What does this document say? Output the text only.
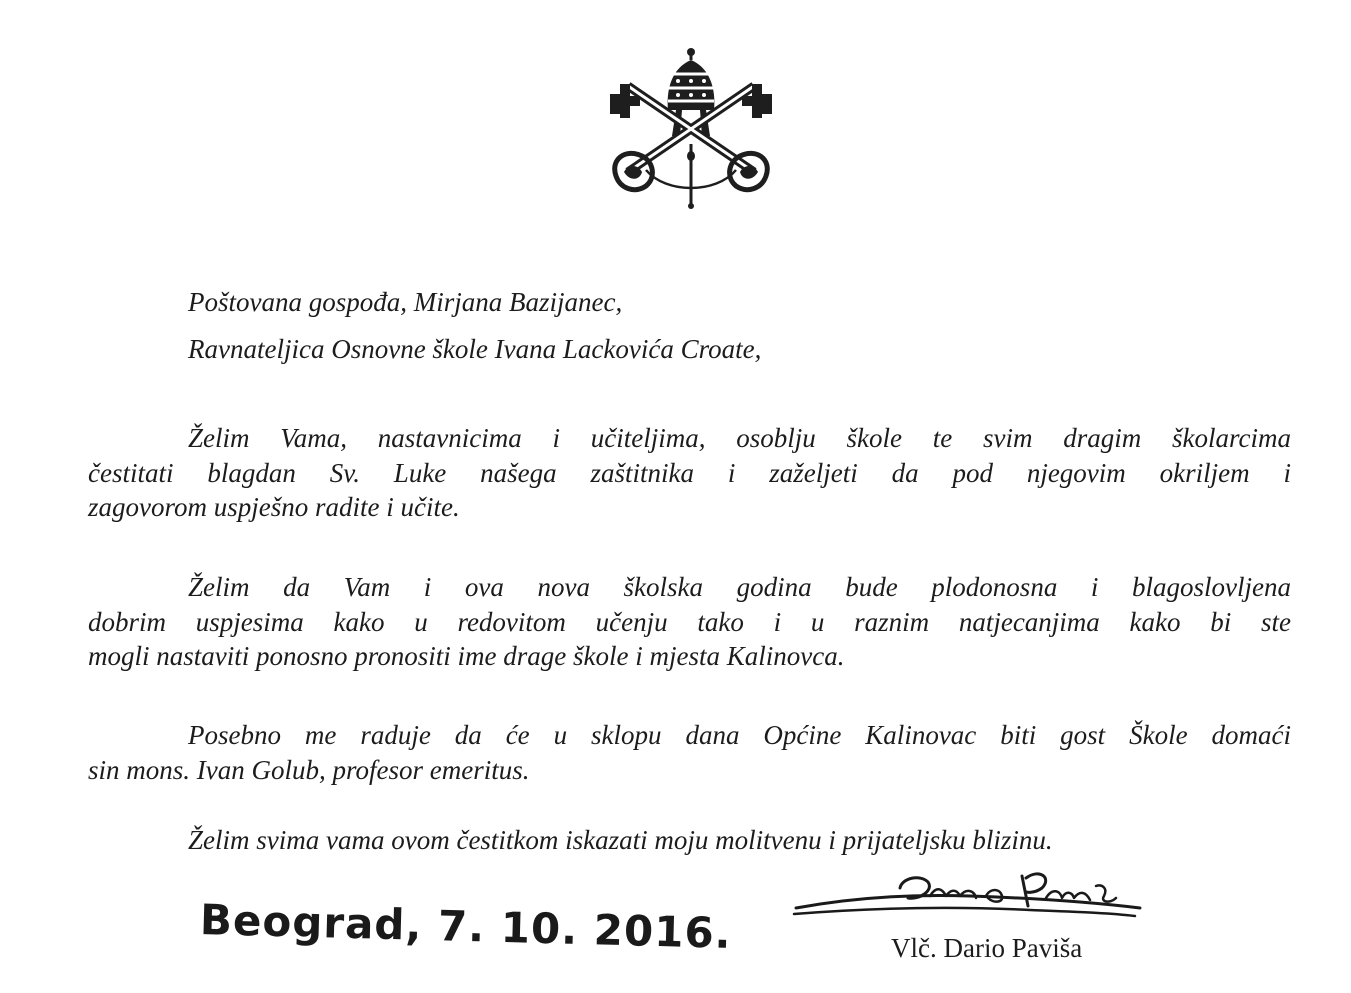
Poštovana gospođa, Mirjana Bazijanec,

Ravnateljica Osnovne škole Ivana Lackovića Croate,

Želim Vama, nastavnicima i učiteljima, osoblju škole te svim dragim školarcima
čestitati blagdan Sv. Luke našega zaštitnika i zaželjeti da pod njegovim okriljem i
zagovorom uspješno radite i učite.
Želim da Vam i ova nova školska godina bude plodonosna i blagoslovljena
dobrim uspjesima kako u redovitom učenju tako i u raznim natjecanjima kako bi ste
mogli nastaviti ponosno pronositi ime drage škole i mjesta Kalinovca.
Posebno me raduje da će u sklopu dana Općine Kalinovac biti gost Škole domaći
sin mons. Ivan Golub, profesor emeritus.
Želim svima vama ovom čestitkom iskazati moju molitvenu i prijateljsku blizinu.
Beograd, 7. 10. 2016.	Vlč. Dario Paviša
